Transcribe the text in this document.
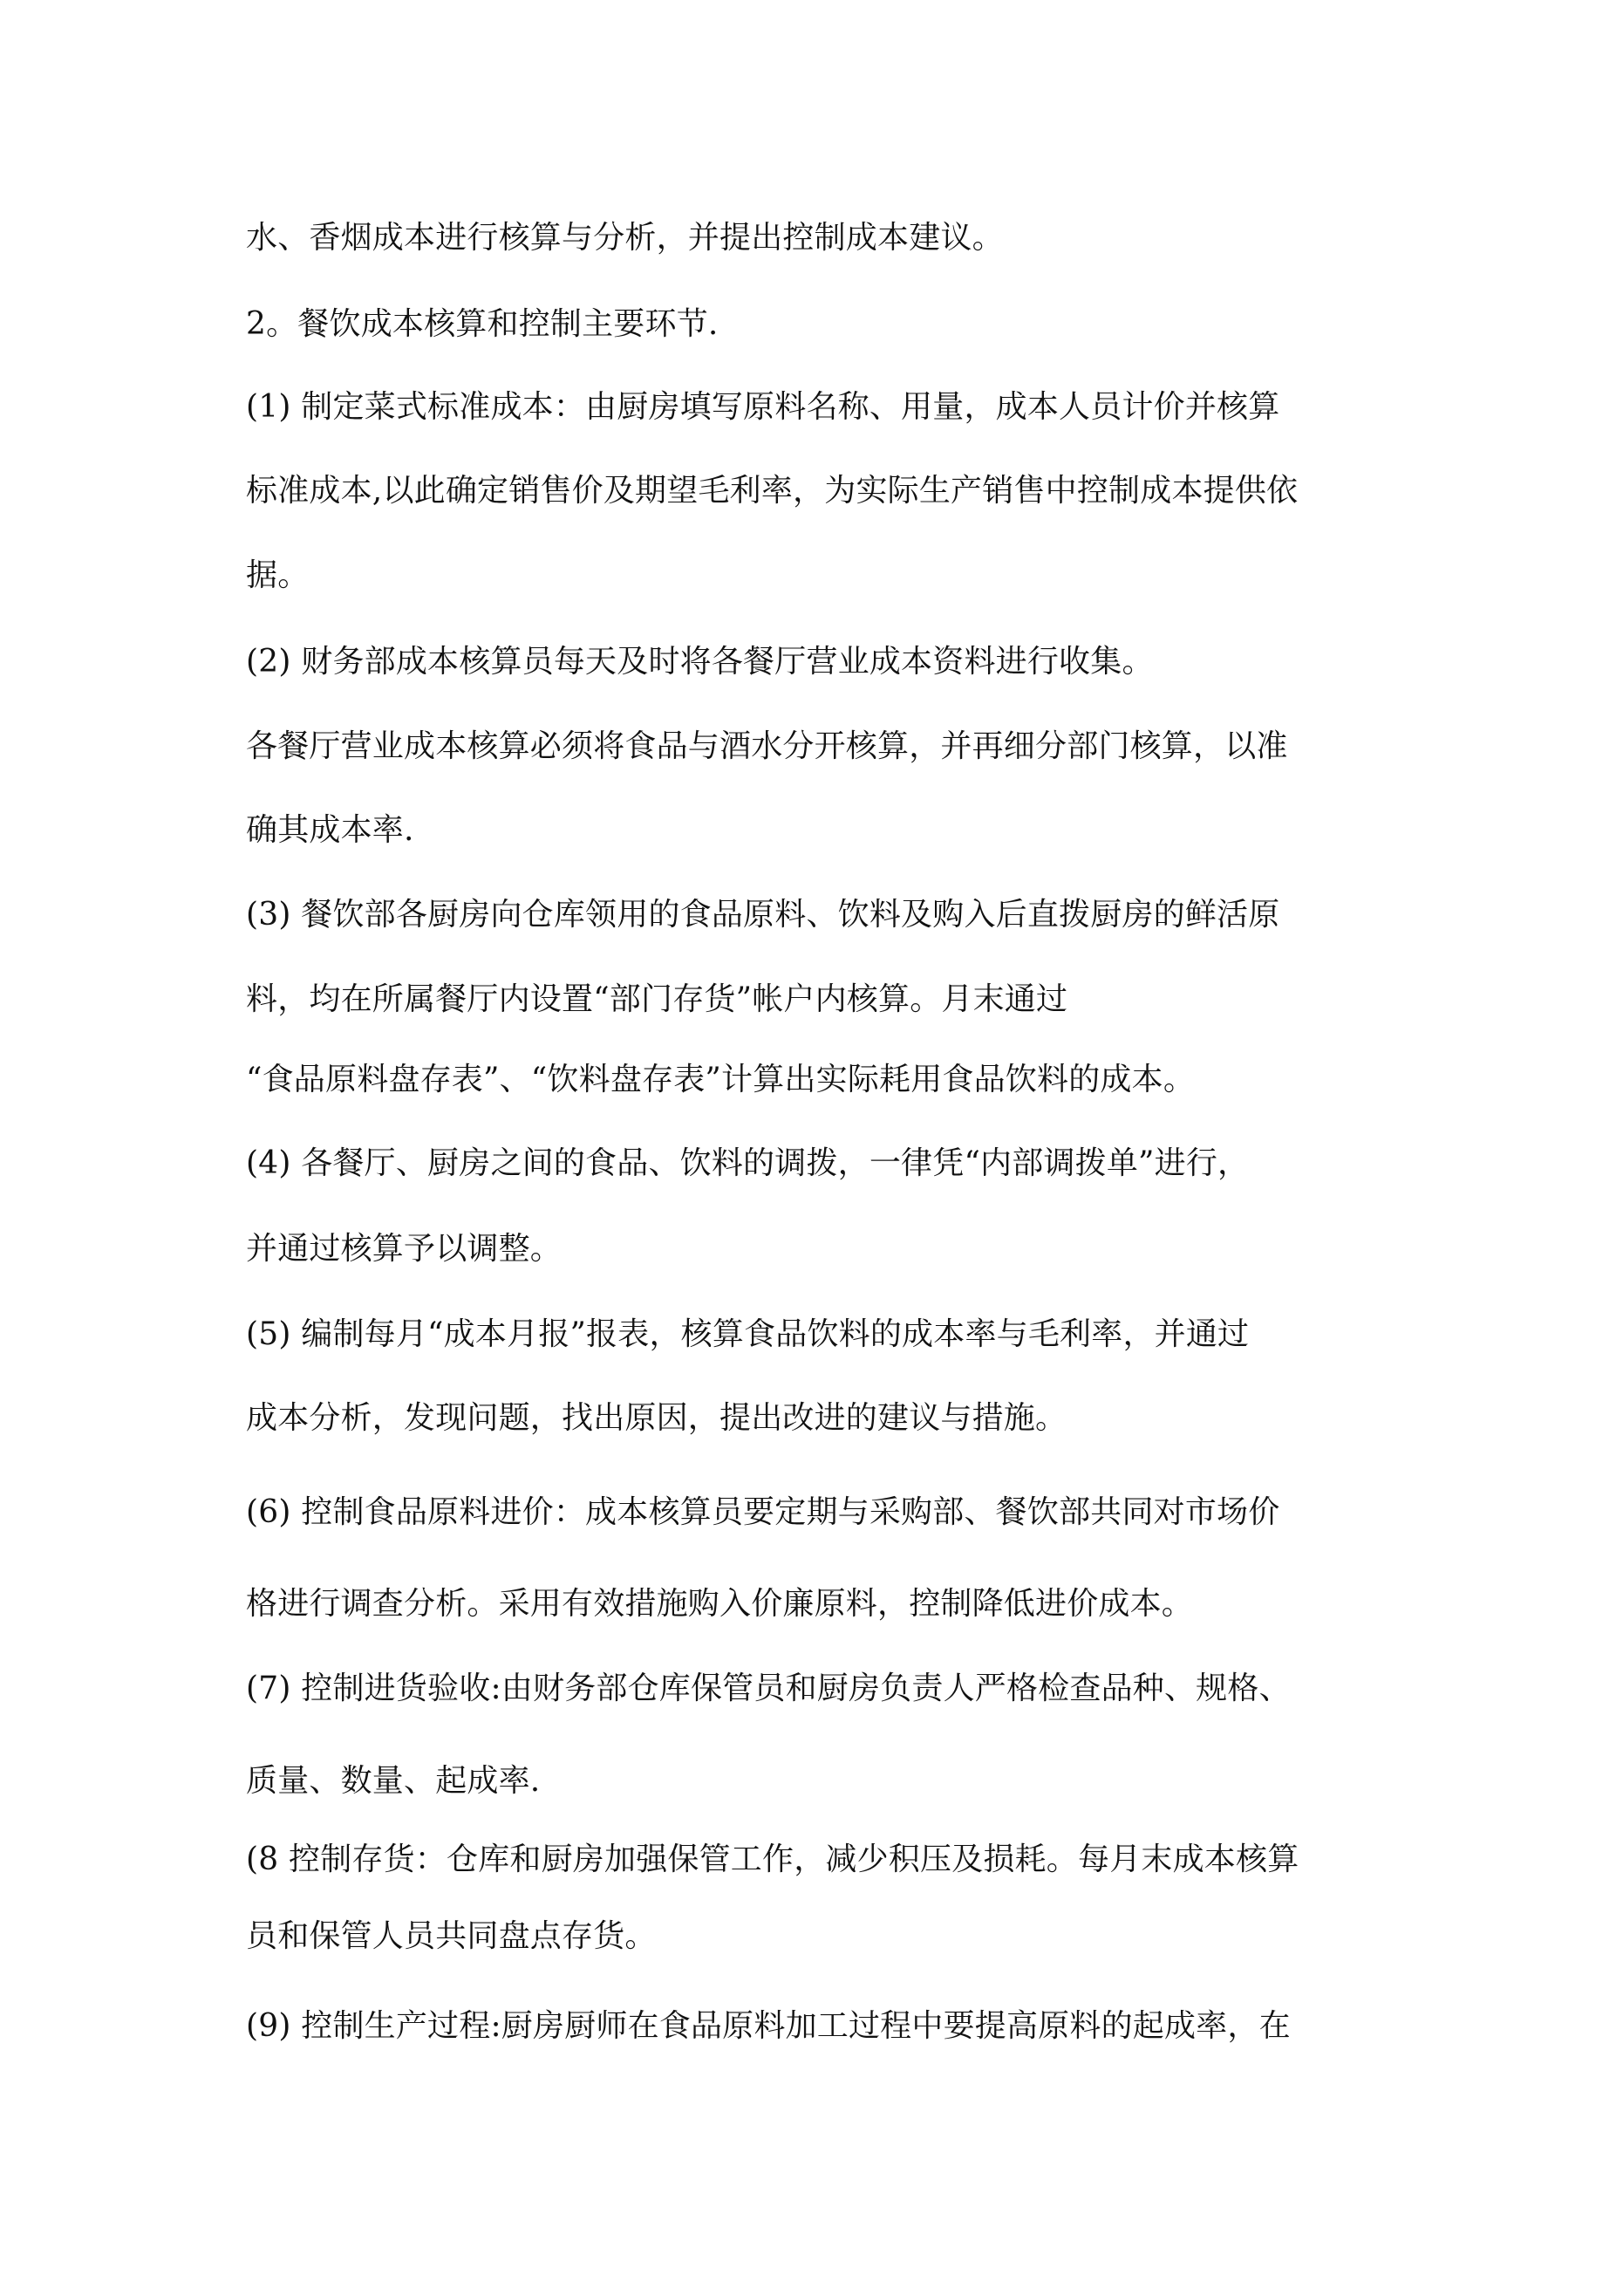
水、香烟成本进行核算与分析，并提出控制成本建议。
2。餐饮成本核算和控制主要环节.
(1) 制定菜式标准成本：由厨房填写原料名称、用量，成本人员计价并核算
标准成本,以此确定销售价及期望毛利率，为实际生产销售中控制成本提供依
据。
(2) 财务部成本核算员每天及时将各餐厅营业成本资料进行收集。
各餐厅营业成本核算必须将食品与酒水分开核算，并再细分部门核算，以准
确其成本率.
(3) 餐饮部各厨房向仓库领用的食品原料、饮料及购入后直拨厨房的鲜活原
料，均在所属餐厅内设置“部门存货”帐户内核算。月末通过
“食品原料盘存表”、“饮料盘存表”计算出实际耗用食品饮料的成本。
(4) 各餐厅、厨房之间的食品、饮料的调拨，一律凭“内部调拨单”进行，
并通过核算予以调整。
(5) 编制每月“成本月报”报表，核算食品饮料的成本率与毛利率，并通过
成本分析，发现问题，找出原因，提出改进的建议与措施。
(6) 控制食品原料进价：成本核算员要定期与采购部、餐饮部共同对市场价
格进行调查分析。采用有效措施购入价廉原料，控制降低进价成本。
(7) 控制进货验收:由财务部仓库保管员和厨房负责人严格检查品种、规格、
质量、数量、起成率.
(8 控制存货：仓库和厨房加强保管工作，减少积压及损耗。每月末成本核算
员和保管人员共同盘点存货。
(9) 控制生产过程:厨房厨师在食品原料加工过程中要提高原料的起成率，在
